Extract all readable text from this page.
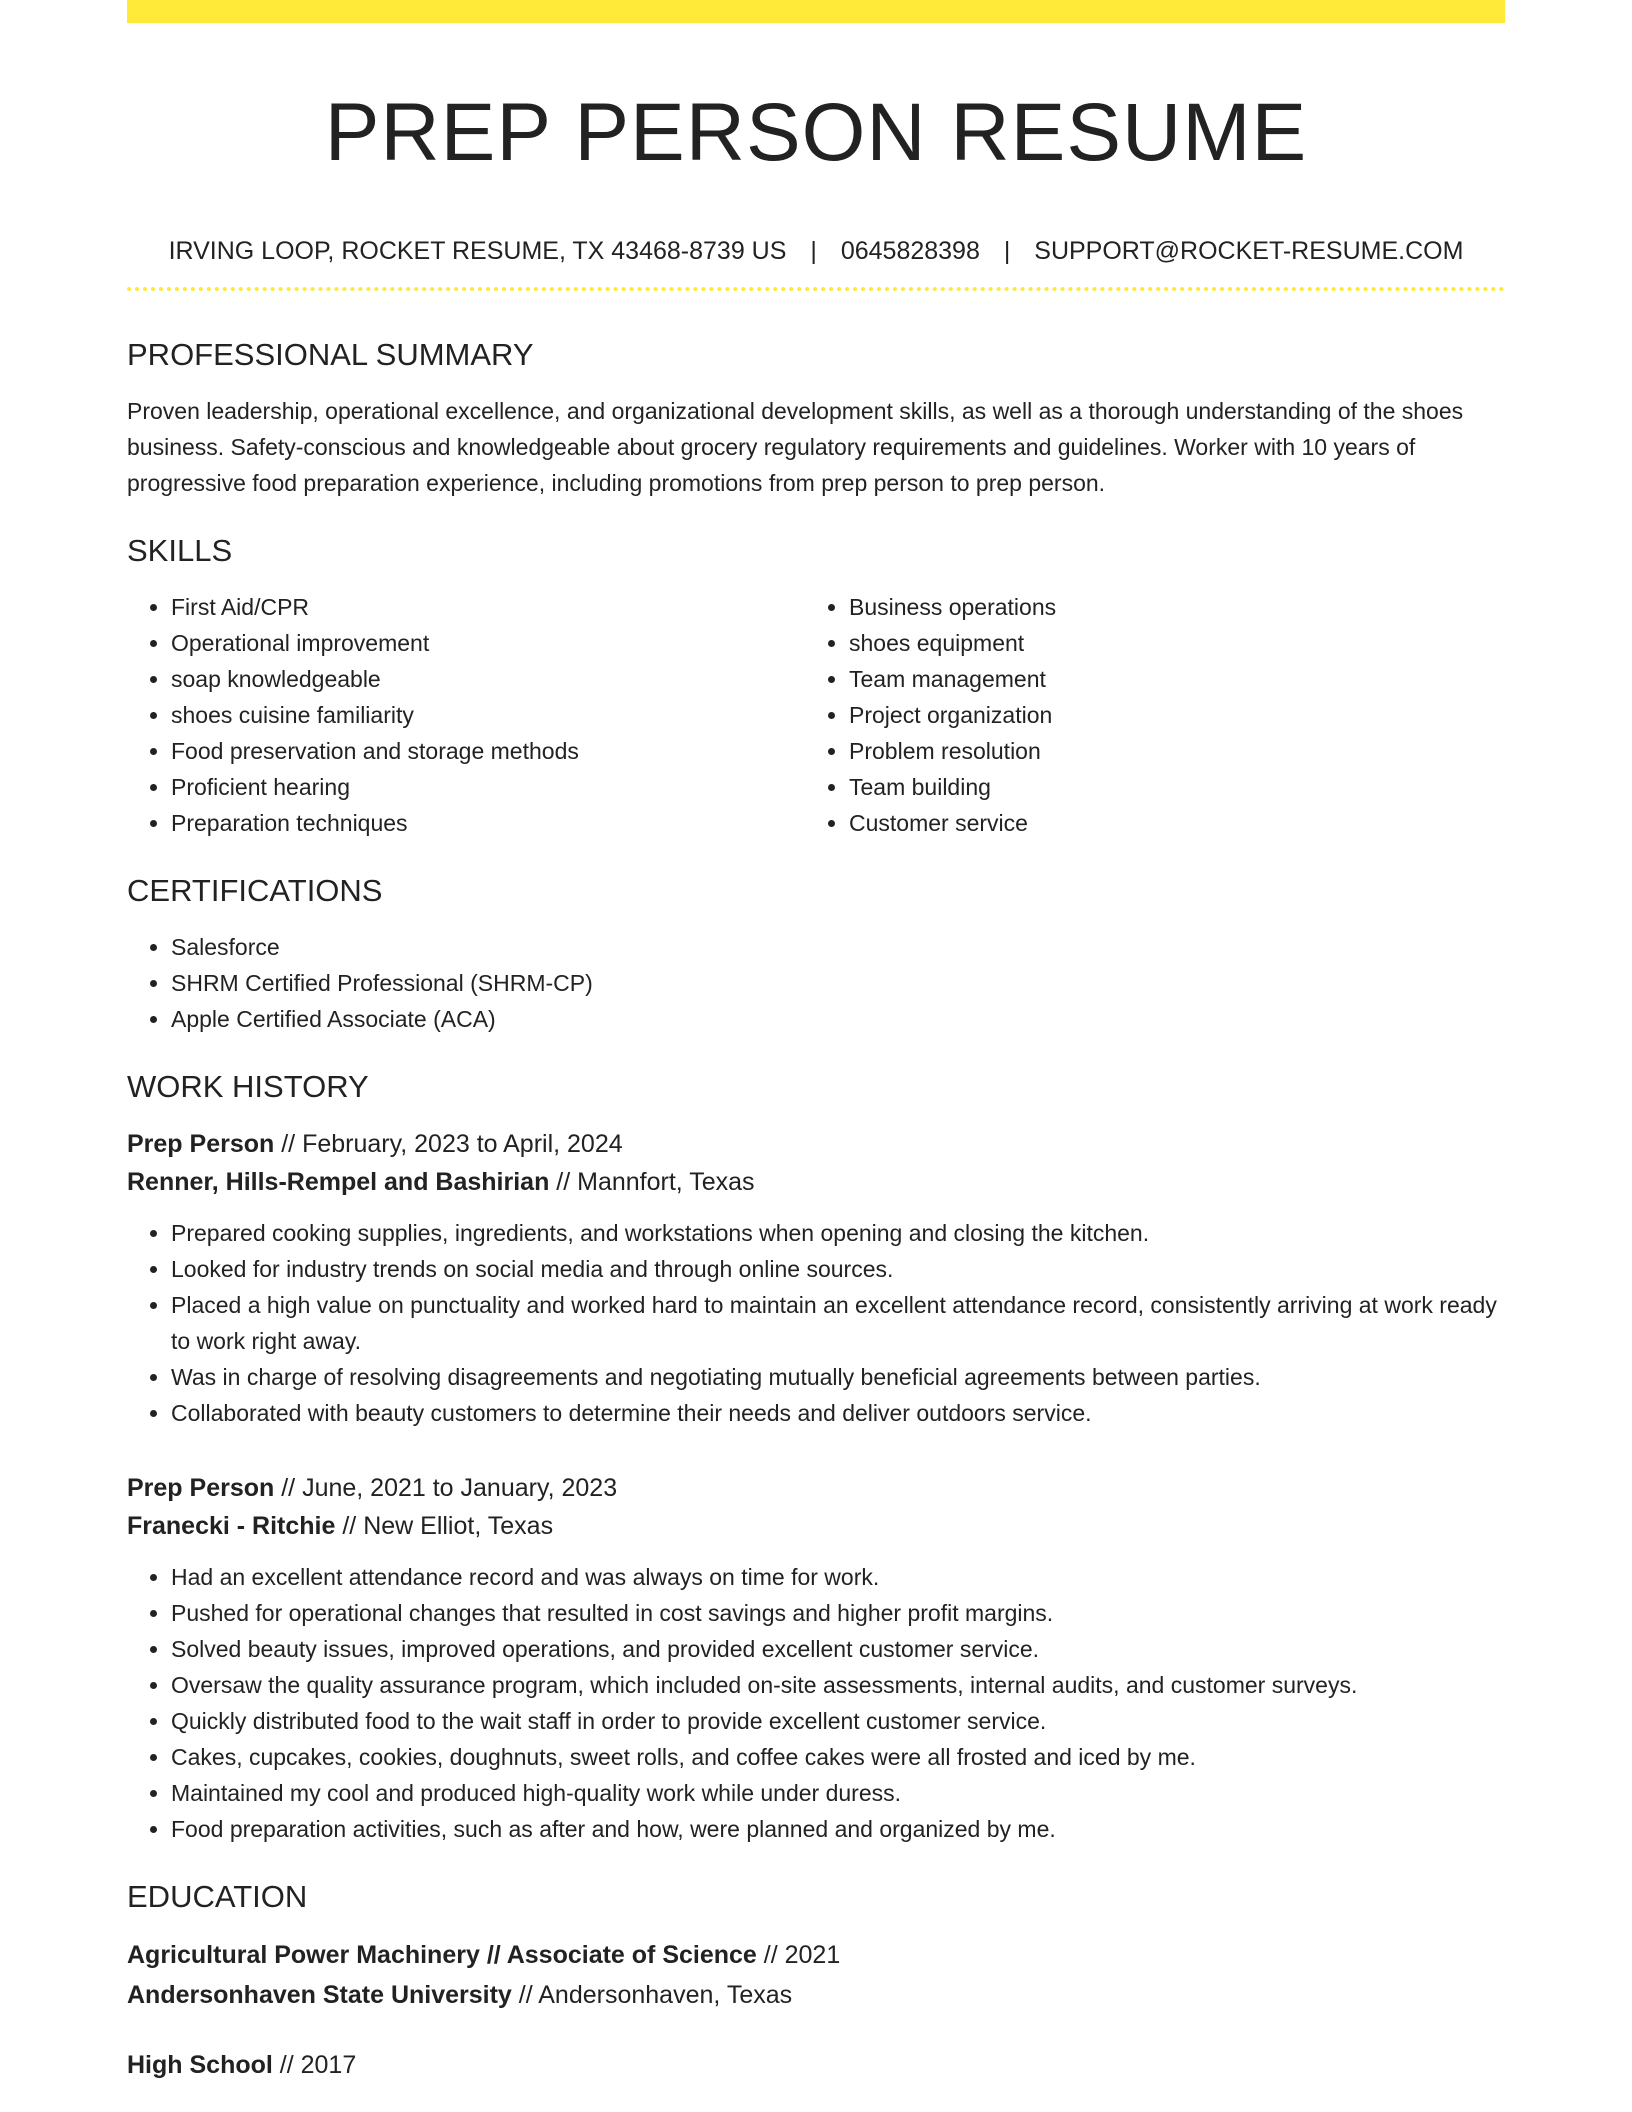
PREP PERSON RESUME
IRVING LOOP, ROCKET RESUME, TX 43468-8739 US | 0645828398 | SUPPORT@ROCKET-RESUME.COM
PROFESSIONAL SUMMARY
Proven leadership, operational excellence, and organizational development skills, as well as a thorough understanding of the shoes business. Safety-conscious and knowledgeable about grocery regulatory requirements and guidelines. Worker with 10 years of progressive food preparation experience, including promotions from prep person to prep person.
SKILLS
• First Aid/CPR
• Operational improvement
• soap knowledgeable
• shoes cuisine familiarity
• Food preservation and storage methods
• Proficient hearing
• Preparation techniques
• Business operations
• shoes equipment
• Team management
• Project organization
• Problem resolution
• Team building
• Customer service
CERTIFICATIONS
• Salesforce
• SHRM Certified Professional (SHRM-CP)
• Apple Certified Associate (ACA)
WORK HISTORY
Prep Person // February, 2023 to April, 2024
Renner, Hills-Rempel and Bashirian // Mannfort, Texas
• Prepared cooking supplies, ingredients, and workstations when opening and closing the kitchen.
• Looked for industry trends on social media and through online sources.
• Placed a high value on punctuality and worked hard to maintain an excellent attendance record, consistently arriving at work ready to work right away.
• Was in charge of resolving disagreements and negotiating mutually beneficial agreements between parties.
• Collaborated with beauty customers to determine their needs and deliver outdoors service.
Prep Person // June, 2021 to January, 2023
Franecki - Ritchie // New Elliot, Texas
• Had an excellent attendance record and was always on time for work.
• Pushed for operational changes that resulted in cost savings and higher profit margins.
• Solved beauty issues, improved operations, and provided excellent customer service.
• Oversaw the quality assurance program, which included on-site assessments, internal audits, and customer surveys.
• Quickly distributed food to the wait staff in order to provide excellent customer service.
• Cakes, cupcakes, cookies, doughnuts, sweet rolls, and coffee cakes were all frosted and iced by me.
• Maintained my cool and produced high-quality work while under duress.
• Food preparation activities, such as after and how, were planned and organized by me.
EDUCATION
Agricultural Power Machinery // Associate of Science // 2021
Andersonhaven State University // Andersonhaven, Texas
High School // 2017
